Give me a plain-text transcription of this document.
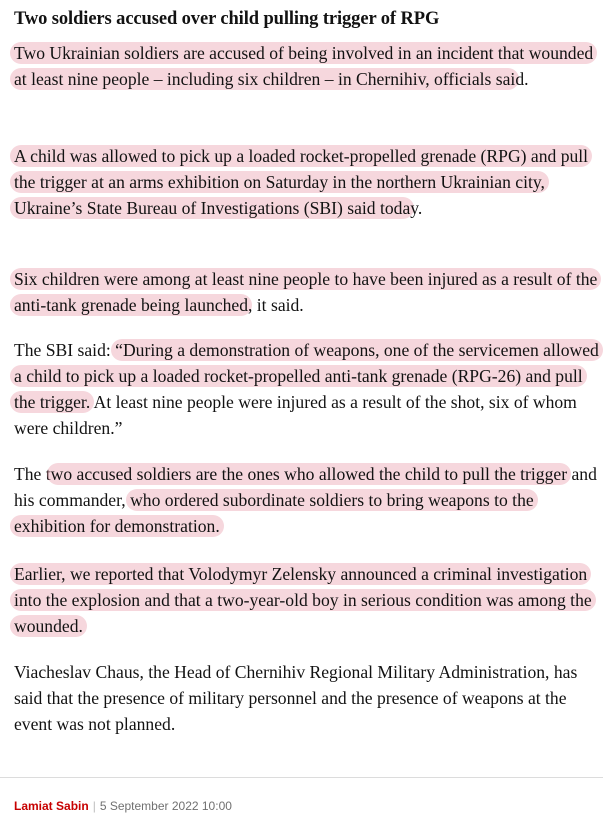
Two soldiers accused over child pulling trigger of RPG

Two Ukrainian soldiers are accused of being involved in an incident that wounded at least nine people – including six children – in Chernihiv, officials said.

A child was allowed to pick up a loaded rocket-propelled grenade (RPG) and pull the trigger at an arms exhibition on Saturday in the northern Ukrainian city, Ukraine’s State Bureau of Investigations (SBI) said today.

Six children were among at least nine people to have been injured as a result of the anti-tank grenade being launched, it said.

The SBI said: “During a demonstration of weapons, one of the servicemen allowed a child to pick up a loaded rocket-propelled anti-tank grenade (RPG-26) and pull the trigger. At least nine people were injured as a result of the shot, six of whom were children.”

The two accused soldiers are the ones who allowed the child to pull the trigger and his commander, who ordered subordinate soldiers to bring weapons to the exhibition for demonstration.

Earlier, we reported that Volodymyr Zelensky announced a criminal investigation into the explosion and that a two-year-old boy in serious condition was among the wounded.

Viacheslav Chaus, the Head of Chernihiv Regional Military Administration, has said that the presence of military personnel and the presence of weapons at the event was not planned.

Lamiat Sabin | 5 September 2022 10:00
